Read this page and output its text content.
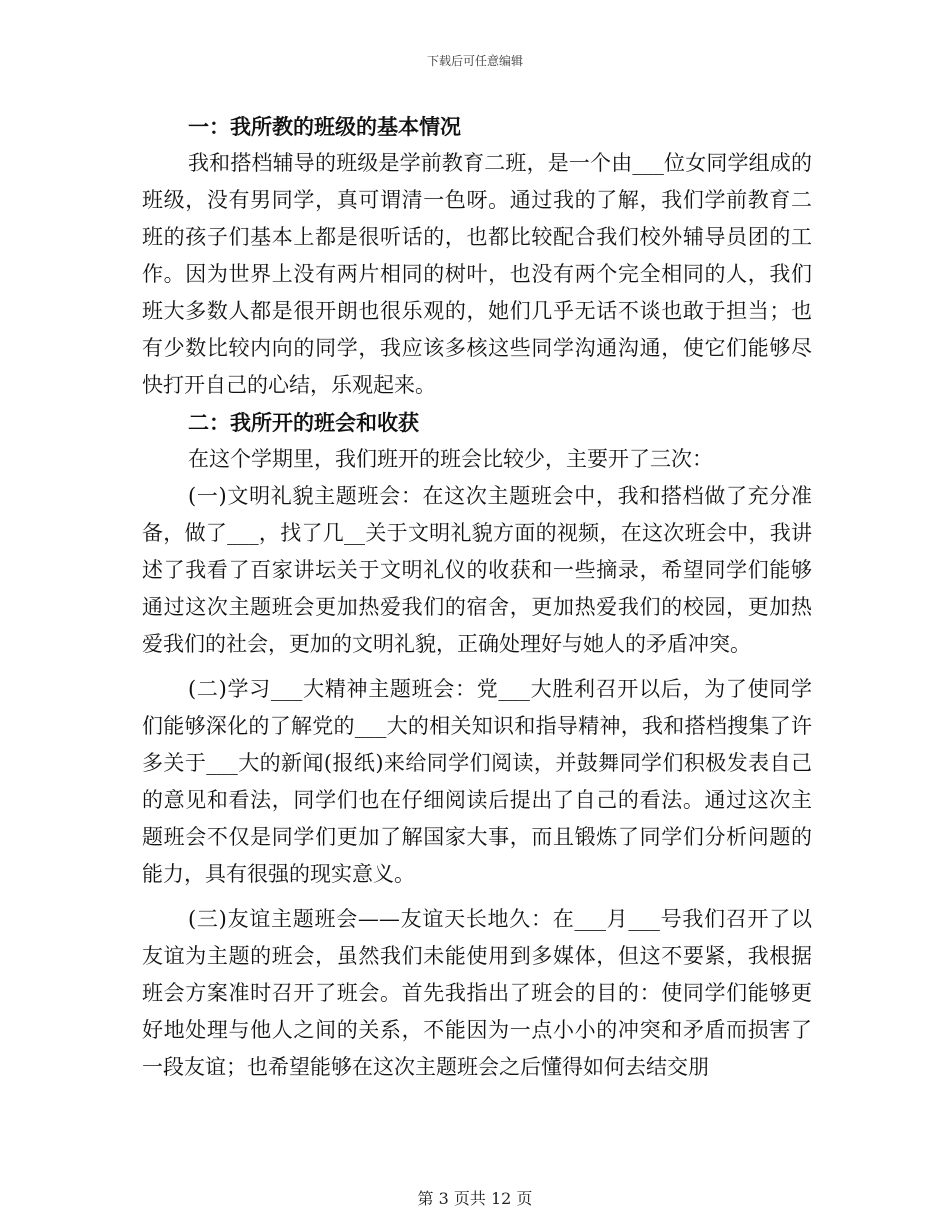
下载后可任意编辑

一：我所教的班级的基本情况

我和搭档辅导的班级是学前教育二班，是一个由___位女同学组成的班级，没有男同学，真可谓清一色呀。通过我的了解，我们学前教育二班的孩子们基本上都是很听话的，也都比较配合我们校外辅导员团的工作。因为世界上没有两片相同的树叶，也没有两个完全相同的人，我们班大多数人都是很开朗也很乐观的，她们几乎无话不谈也敢于担当；也有少数比较内向的同学，我应该多核这些同学沟通沟通，使它们能够尽快打开自己的心结，乐观起来。

二：我所开的班会和收获

在这个学期里，我们班开的班会比较少，主要开了三次：

(一)文明礼貌主题班会：在这次主题班会中，我和搭档做了充分准备，做了___，找了几__关于文明礼貌方面的视频，在这次班会中，我讲述了我看了百家讲坛关于文明礼仪的收获和一些摘录，希望同学们能够通过这次主题班会更加热爱我们的宿舍，更加热爱我们的校园，更加热爱我们的社会，更加的文明礼貌，正确处理好与她人的矛盾冲突。

(二)学习___大精神主题班会：党___大胜利召开以后，为了使同学们能够深化的了解党的___大的相关知识和指导精神，我和搭档搜集了许多关于___大的新闻(报纸)来给同学们阅读，并鼓舞同学们积极发表自己的意见和看法，同学们也在仔细阅读后提出了自己的看法。通过这次主题班会不仅是同学们更加了解国家大事，而且锻炼了同学们分析问题的能力，具有很强的现实意义。

(三)友谊主题班会——友谊天长地久：在___月___号我们召开了以友谊为主题的班会，虽然我们未能使用到多媒体，但这不要紧，我根据班会方案准时召开了班会。首先我指出了班会的目的：使同学们能够更好地处理与他人之间的关系，不能因为一点小小的冲突和矛盾而损害了一段友谊；也希望能够在这次主题班会之后懂得如何去结交朋

第 3 页共 12 页
